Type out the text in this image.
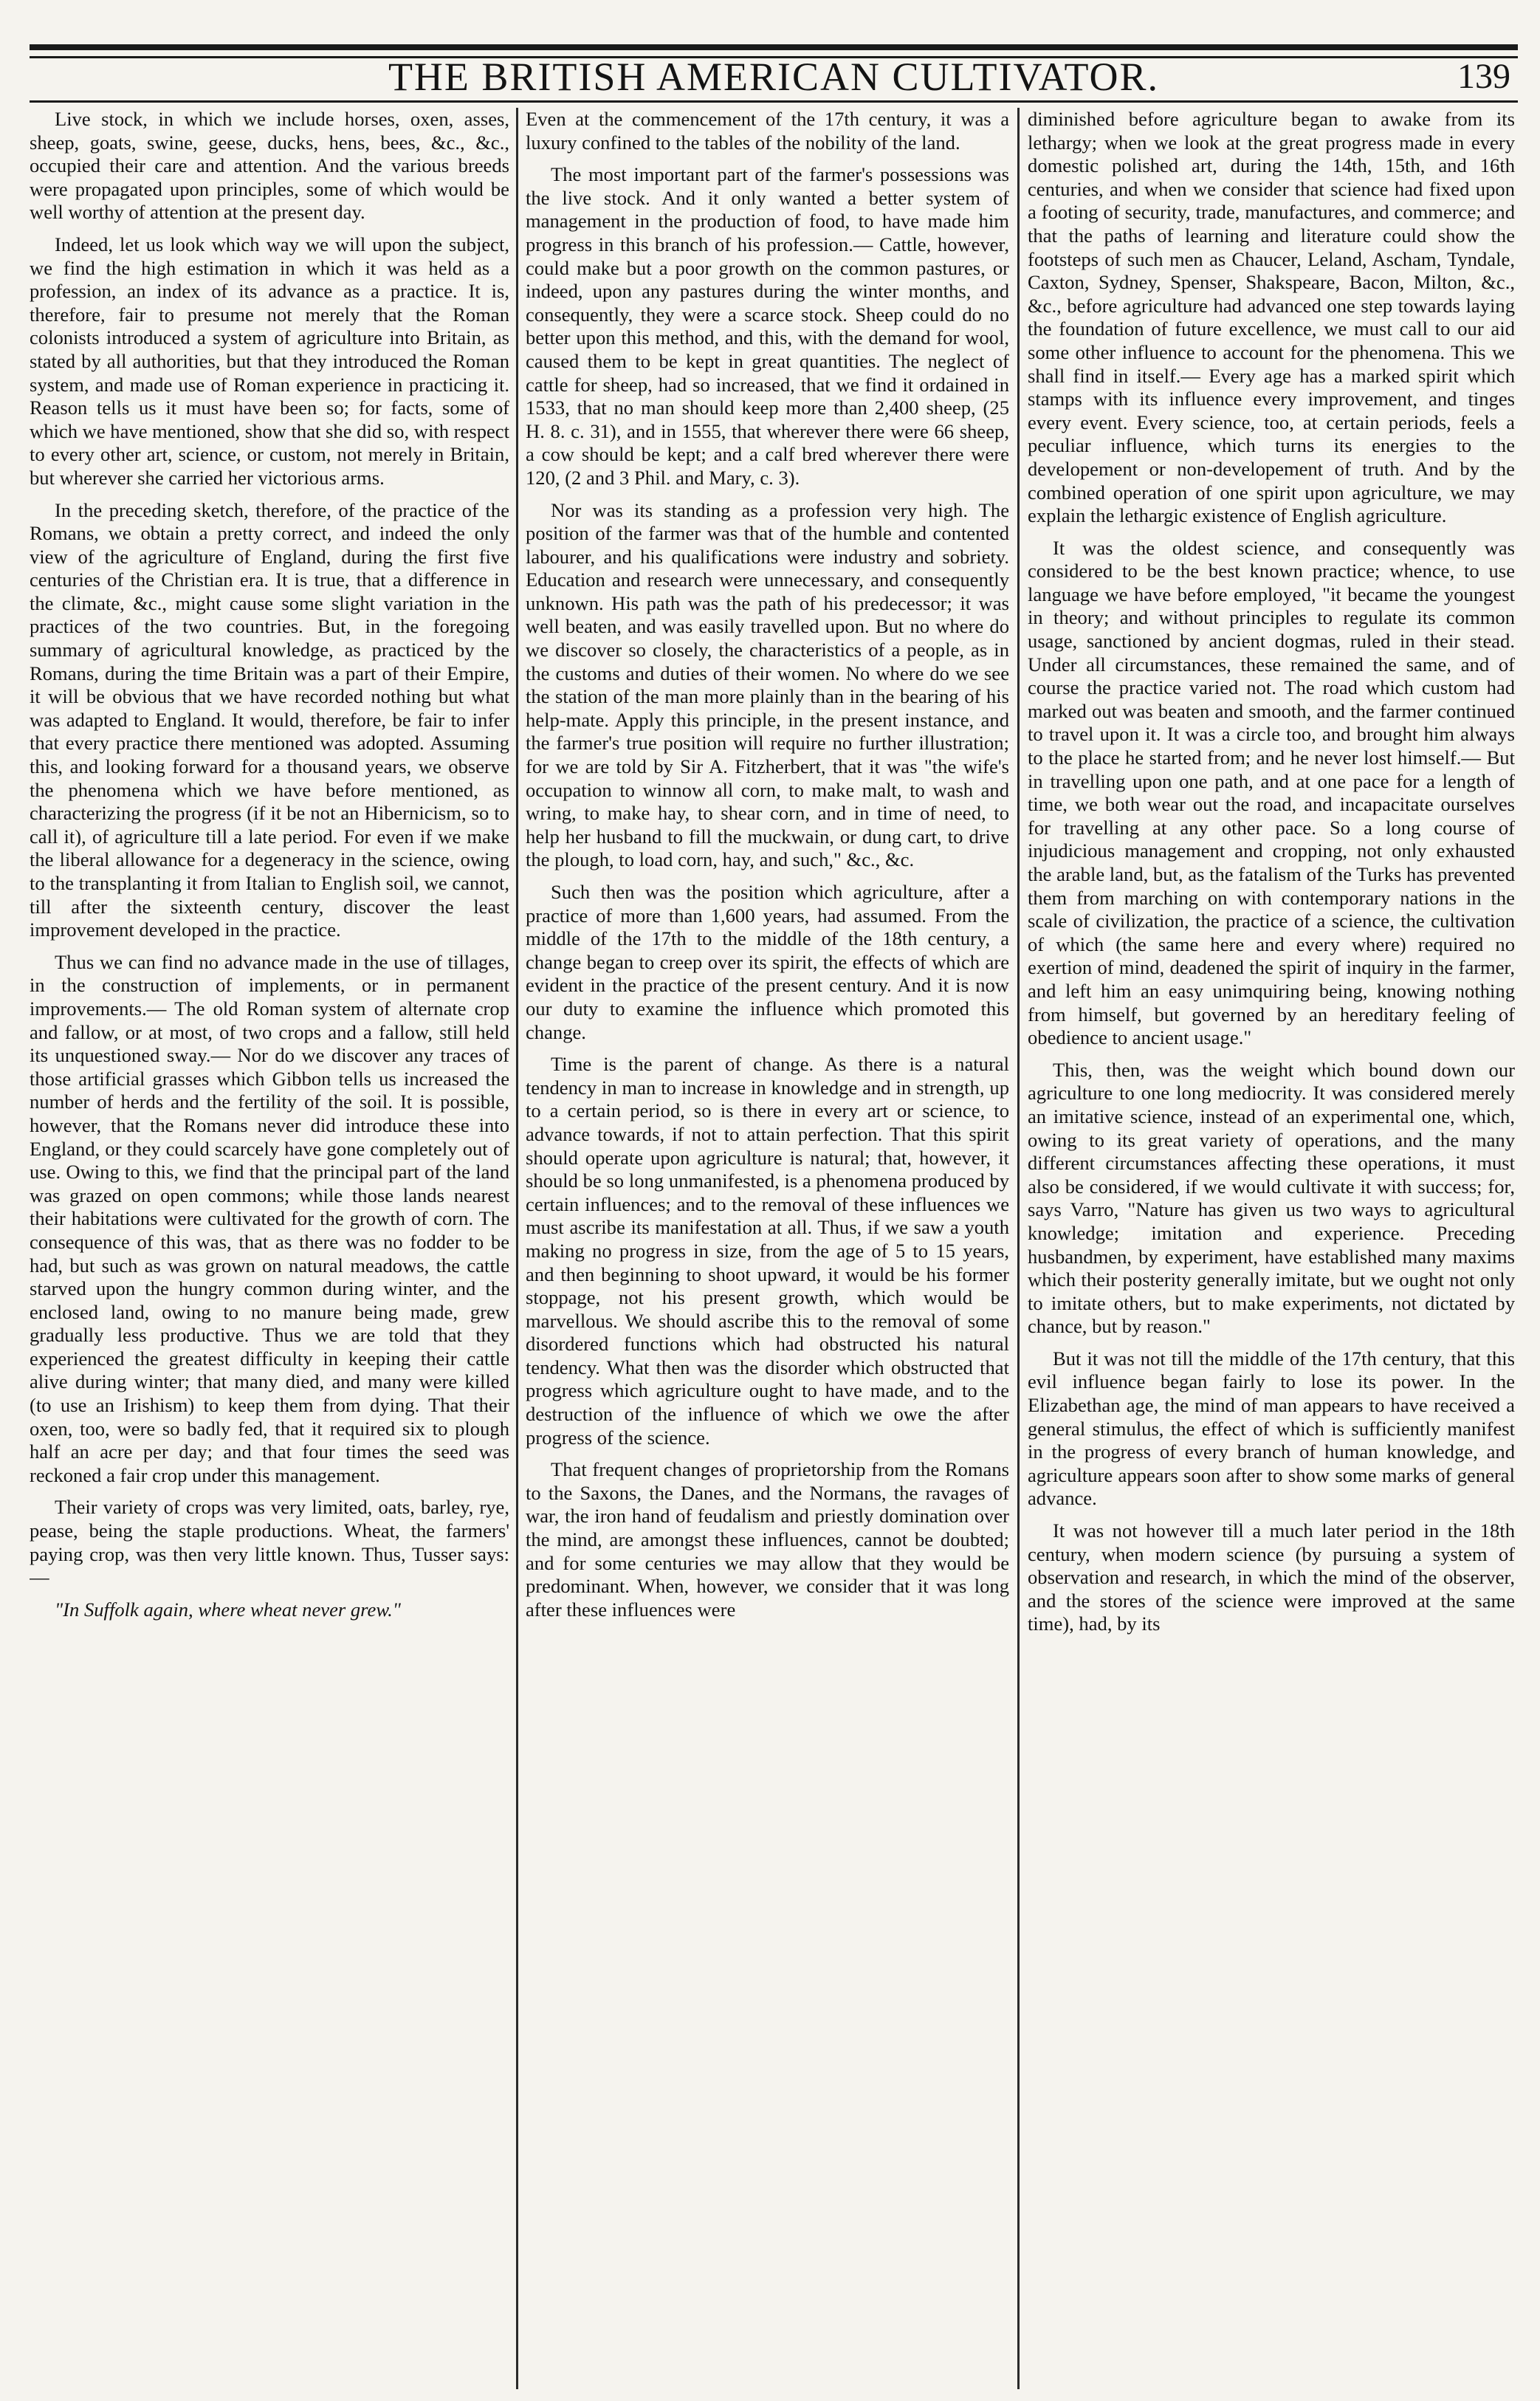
THE BRITISH AMERICAN CULTIVATOR.	139

Live stock, in which we include horses, oxen, asses, sheep, goats, swine, geese, ducks, hens, bees, &c., &c., occupied their care and attention. And the various breeds were propagated upon principles, some of which would be well worthy of attention at the present day.

Indeed, let us look which way we will upon the subject, we find the high estimation in which it was held as a profession, an index of its advance as a practice. It is, therefore, fair to presume not merely that the Roman colonists introduced a system of agriculture into Britain, as stated by all authorities, but that they introduced the Roman system, and made use of Roman experience in practicing it. Reason tells us it must have been so; for facts, some of which we have mentioned, show that she did so, with respect to every other art, science, or custom, not merely in Britain, but wherever she carried her victorious arms.

In the preceding sketch, therefore, of the practice of the Romans, we obtain a pretty correct, and indeed the only view of the agriculture of England, during the first five centuries of the Christian era. It is true, that a difference in the climate, &c., might cause some slight variation in the practices of the two countries. But, in the foregoing summary of agricultural knowledge, as practiced by the Romans, during the time Britain was a part of their Empire, it will be obvious that we have recorded nothing but what was adapted to England. It would, therefore, be fair to infer that every practice there mentioned was adopted. Assuming this, and looking forward for a thousand years, we observe the phenomena which we have before mentioned, as characterizing the progress (if it be not an Hibernicism, so to call it), of agriculture till a late period. For even if we make the liberal allowance for a degeneracy in the science, owing to the transplanting it from Italian to English soil, we cannot, till after the sixteenth century, discover the least improvement developed in the practice.

Thus we can find no advance made in the use of tillages, in the construction of implements, or in permanent improvements.— The old Roman system of alternate crop and fallow, or at most, of two crops and a fallow, still held its unquestioned sway.— Nor do we discover any traces of those artificial grasses which Gibbon tells us increased the number of herds and the fertility of the soil. It is possible, however, that the Romans never did introduce these into England, or they could scarcely have gone completely out of use. Owing to this, we find that the principal part of the land was grazed on open commons; while those lands nearest their habitations were cultivated for the growth of corn. The consequence of this was, that as there was no fodder to be had, but such as was grown on natural meadows, the cattle starved upon the hungry common during winter, and the enclosed land, owing to no manure being made, grew gradually less productive. Thus we are told that they experienced the greatest difficulty in keeping their cattle alive during winter; that many died, and many were killed (to use an Irishism) to keep them from dying. That their oxen, too, were so badly fed, that it required six to plough half an acre per day; and that four times the seed was reckoned a fair crop under this management.

Their variety of crops was very limited, oats, barley, rye, pease, being the staple productions. Wheat, the farmers' paying crop, was then very little known. Thus, Tusser says:—

"In Suffolk again, where wheat never grew."

Even at the commencement of the 17th century, it was a luxury confined to the tables of the nobility of the land.

The most important part of the farmer's possessions was the live stock. And it only wanted a better system of management in the production of food, to have made him progress in this branch of his profession.— Cattle, however, could make but a poor growth on the common pastures, or indeed, upon any pastures during the winter months, and consequently, they were a scarce stock. Sheep could do no better upon this method, and this, with the demand for wool, caused them to be kept in great quantities. The neglect of cattle for sheep, had so increased, that we find it ordained in 1533, that no man should keep more than 2,400 sheep, (25 H. 8. c. 31), and in 1555, that wherever there were 66 sheep, a cow should be kept; and a calf bred wherever there were 120, (2 and 3 Phil. and Mary, c. 3).

Nor was its standing as a profession very high. The position of the farmer was that of the humble and contented labourer, and his qualifications were industry and sobriety. Education and research were unnecessary, and consequently unknown. His path was the path of his predecessor; it was well beaten, and was easily travelled upon. But no where do we discover so closely, the characteristics of a people, as in the customs and duties of their women. No where do we see the station of the man more plainly than in the bearing of his help-mate. Apply this principle, in the present instance, and the farmer's true position will require no further illustration; for we are told by Sir A. Fitzherbert, that it was "the wife's occupation to winnow all corn, to make malt, to wash and wring, to make hay, to shear corn, and in time of need, to help her husband to fill the muckwain, or dung cart, to drive the plough, to load corn, hay, and such," &c., &c.

Such then was the position which agriculture, after a practice of more than 1,600 years, had assumed. From the middle of the 17th to the middle of the 18th century, a change began to creep over its spirit, the effects of which are evident in the practice of the present century. And it is now our duty to examine the influence which promoted this change.

Time is the parent of change. As there is a natural tendency in man to increase in knowledge and in strength, up to a certain period, so is there in every art or science, to advance towards, if not to attain perfection. That this spirit should operate upon agriculture is natural; that, however, it should be so long unmanifested, is a phenomena produced by certain influences; and to the removal of these influences we must ascribe its manifestation at all. Thus, if we saw a youth making no progress in size, from the age of 5 to 15 years, and then beginning to shoot upward, it would be his former stoppage, not his present growth, which would be marvellous. We should ascribe this to the removal of some disordered functions which had obstructed his natural tendency. What then was the disorder which obstructed that progress which agriculture ought to have made, and to the destruction of the influence of which we owe the after progress of the science.

That frequent changes of proprietorship from the Romans to the Saxons, the Danes, and the Normans, the ravages of war, the iron hand of feudalism and priestly domination over the mind, are amongst these influences, cannot be doubted; and for some centuries we may allow that they would be predominant. When, however, we consider that it was long after these influences were

diminished before agriculture began to awake from its lethargy; when we look at the great progress made in every domestic polished art, during the 14th, 15th, and 16th centuries, and when we consider that science had fixed upon a footing of security, trade, manufactures, and commerce; and that the paths of learning and literature could show the footsteps of such men as Chaucer, Leland, Ascham, Tyndale, Caxton, Sydney, Spenser, Shakspeare, Bacon, Milton, &c., &c., before agriculture had advanced one step towards laying the foundation of future excellence, we must call to our aid some other influence to account for the phenomena. This we shall find in itself.— Every age has a marked spirit which stamps with its influence every improvement, and tinges every event. Every science, too, at certain periods, feels a peculiar influence, which turns its energies to the developement or non-developement of truth. And by the combined operation of one spirit upon agriculture, we may explain the lethargic existence of English agriculture.

It was the oldest science, and consequently was considered to be the best known practice; whence, to use language we have before employed, "it became the youngest in theory; and without principles to regulate its common usage, sanctioned by ancient dogmas, ruled in their stead. Under all circumstances, these remained the same, and of course the practice varied not. The road which custom had marked out was beaten and smooth, and the farmer continued to travel upon it. It was a circle too, and brought him always to the place he started from; and he never lost himself.— But in travelling upon one path, and at one pace for a length of time, we both wear out the road, and incapacitate ourselves for travelling at any other pace. So a long course of injudicious management and cropping, not only exhausted the arable land, but, as the fatalism of the Turks has prevented them from marching on with contemporary nations in the scale of civilization, the practice of a science, the cultivation of which (the same here and every where) required no exertion of mind, deadened the spirit of inquiry in the farmer, and left him an easy unimquiring being, knowing nothing from himself, but governed by an hereditary feeling of obedience to ancient usage."

This, then, was the weight which bound down our agriculture to one long mediocrity. It was considered merely an imitative science, instead of an experimental one, which, owing to its great variety of operations, and the many different circumstances affecting these operations, it must also be considered, if we would cultivate it with success; for, says Varro, "Nature has given us two ways to agricultural knowledge; imitation and experience. Preceding husbandmen, by experiment, have established many maxims which their posterity generally imitate, but we ought not only to imitate others, but to make experiments, not dictated by chance, but by reason."

But it was not till the middle of the 17th century, that this evil influence began fairly to lose its power. In the Elizabethan age, the mind of man appears to have received a general stimulus, the effect of which is sufficiently manifest in the progress of every branch of human knowledge, and agriculture appears soon after to show some marks of general advance.

It was not however till a much later period in the 18th century, when modern science (by pursuing a system of observation and research, in which the mind of the observer, and the stores of the science were improved at the same time), had, by its
